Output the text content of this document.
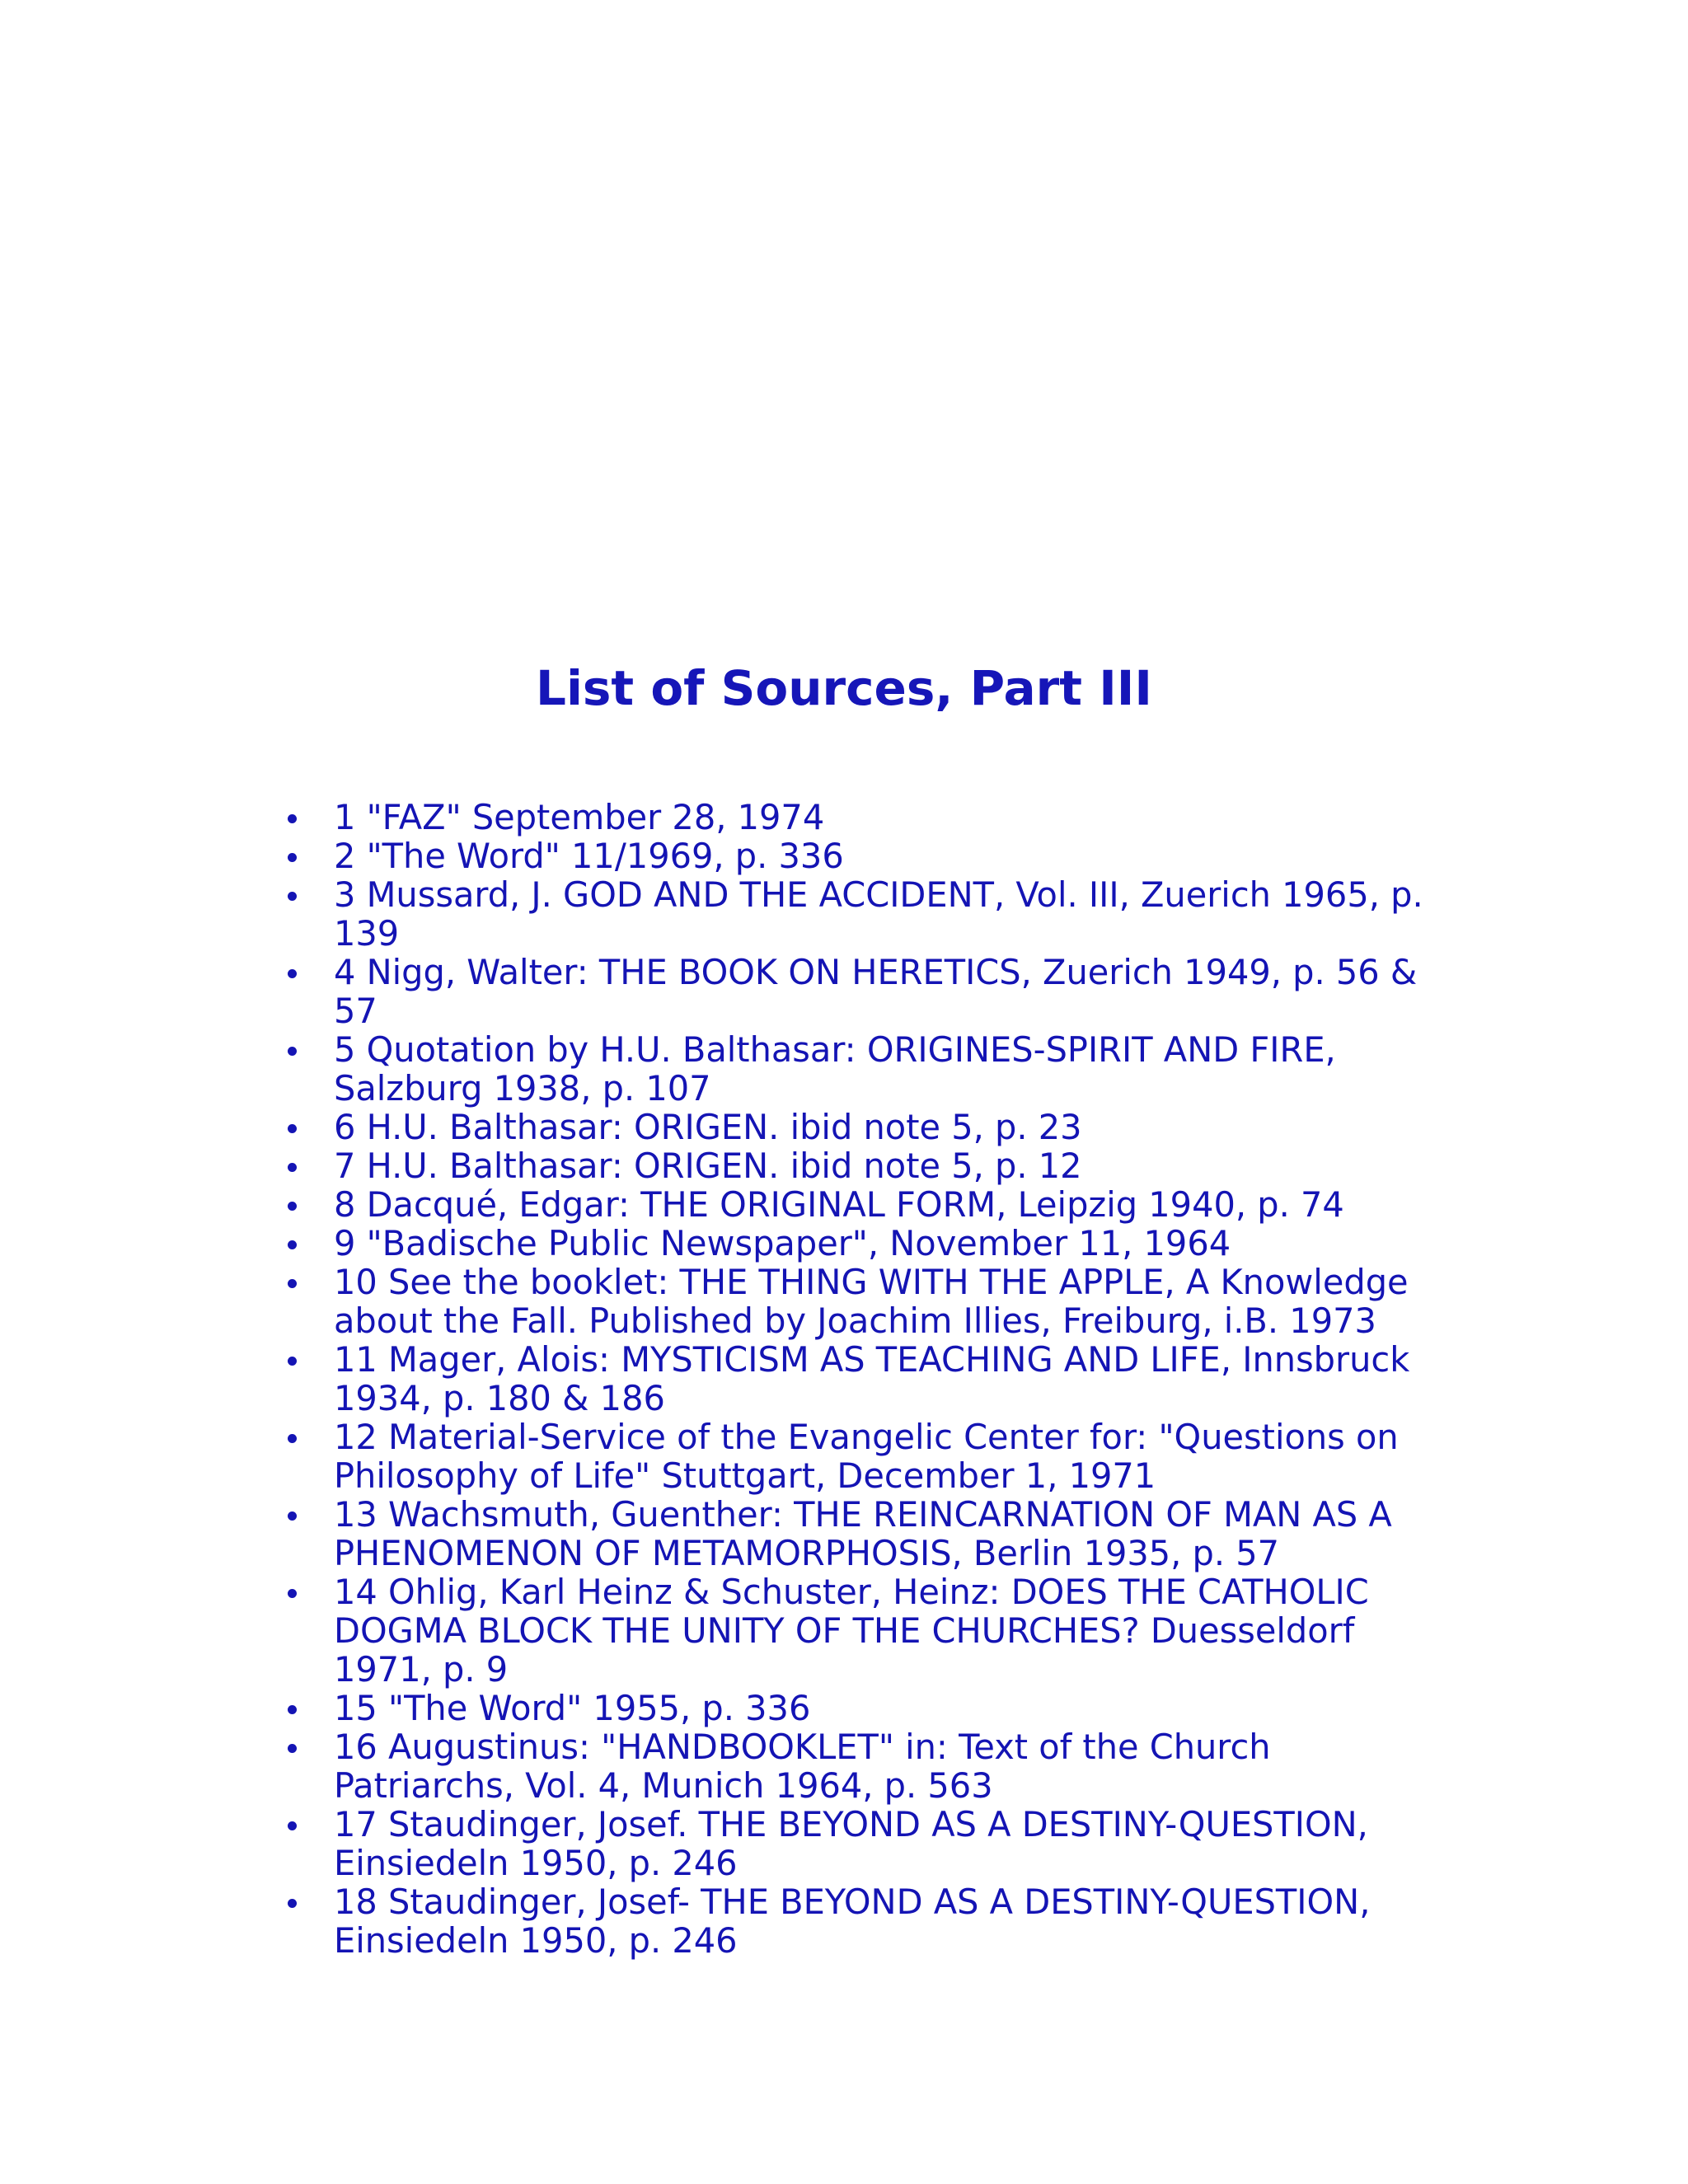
List of Sources, Part III
1 "FAZ" September 28, 1974
2 "The Word" 11/1969, p. 336
3 Mussard, J. GOD AND THE ACCIDENT, Vol. III, Zuerich 1965, p. 139
4 Nigg, Walter: THE BOOK ON HERETICS, Zuerich 1949, p. 56 & 57
5 Quotation by H.U. Balthasar: ORIGINES-SPIRIT AND FIRE, Salzburg 1938, p. 107
6 H.U. Balthasar: ORIGEN. ibid note 5, p. 23
7 H.U. Balthasar: ORIGEN. ibid note 5, p. 12
8 Dacqué, Edgar: THE ORIGINAL FORM, Leipzig 1940, p. 74
9 "Badische Public Newspaper", November 11, 1964
10 See the booklet: THE THING WITH THE APPLE, A Knowledge about the Fall. Published by Joachim Illies, Freiburg, i.B. 1973
11 Mager, Alois: MYSTICISM AS TEACHING AND LIFE, Innsbruck 1934, p. 180 & 186
12 Material-Service of the Evangelic Center for: "Questions on Philosophy of Life" Stuttgart, December 1, 1971
13 Wachsmuth, Guenther: THE REINCARNATION OF MAN AS A PHENOMENON OF METAMORPHOSIS, Berlin 1935, p. 57
14 Ohlig, Karl Heinz & Schuster, Heinz: DOES THE CATHOLIC DOGMA BLOCK THE UNITY OF THE CHURCHES? Duesseldorf 1971, p. 9
15 "The Word" 1955, p. 336
16 Augustinus: "HANDBOOKLET" in: Text of the Church Patriarchs, Vol. 4, Munich 1964, p. 563
17 Staudinger, Josef. THE BEYOND AS A DESTINY-QUESTION, Einsiedeln 1950, p. 246
18 Staudinger, Josef- THE BEYOND AS A DESTINY-QUESTION, Einsiedeln 1950, p. 246
